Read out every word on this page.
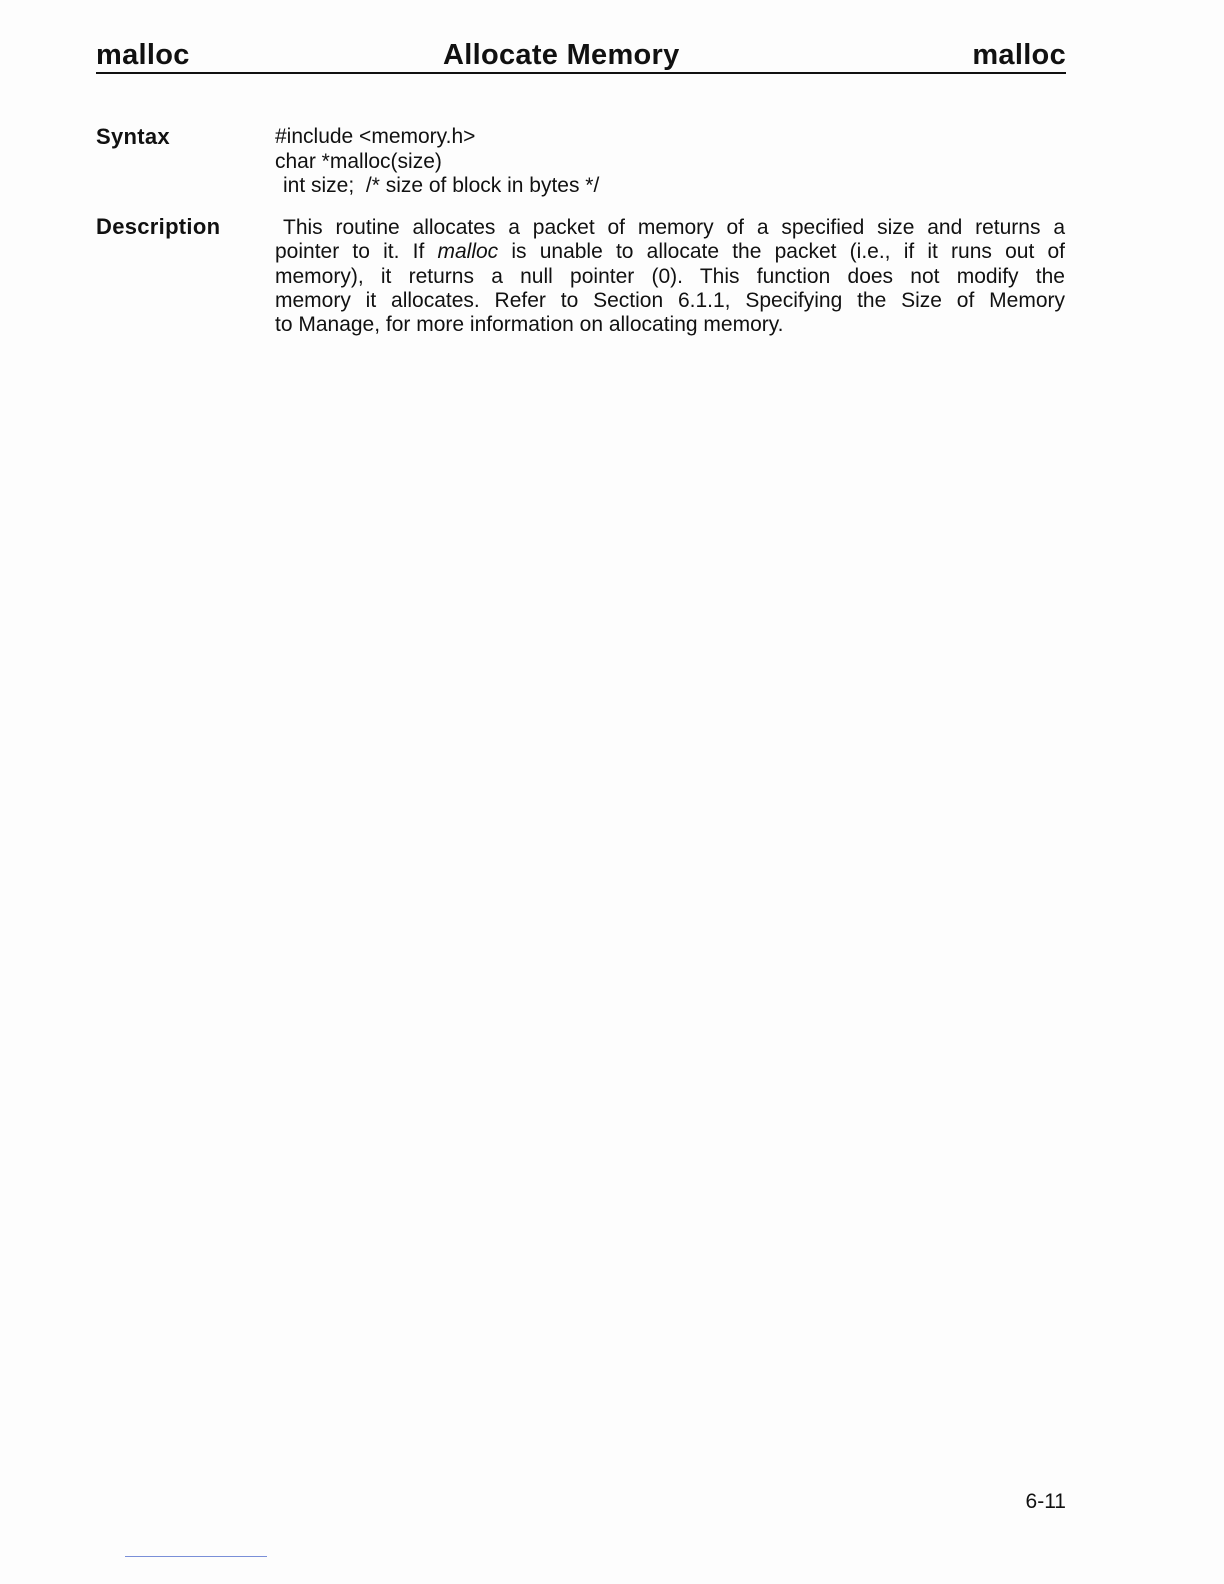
malloc	Allocate Memory	malloc
Syntax	#include <memory.h>
char *malloc(size)
int size;  /* size of block in bytes */
Description	This routine allocates a packet of memory of a specified size and returns a
pointer to it. If malloc is unable to allocate the packet (i.e., if it runs out of
memory), it returns a null pointer (0). This function does not modify the
memory it allocates. Refer to Section 6.1.1, Specifying the Size of Memory
to Manage, for more information on allocating memory.
6-11
